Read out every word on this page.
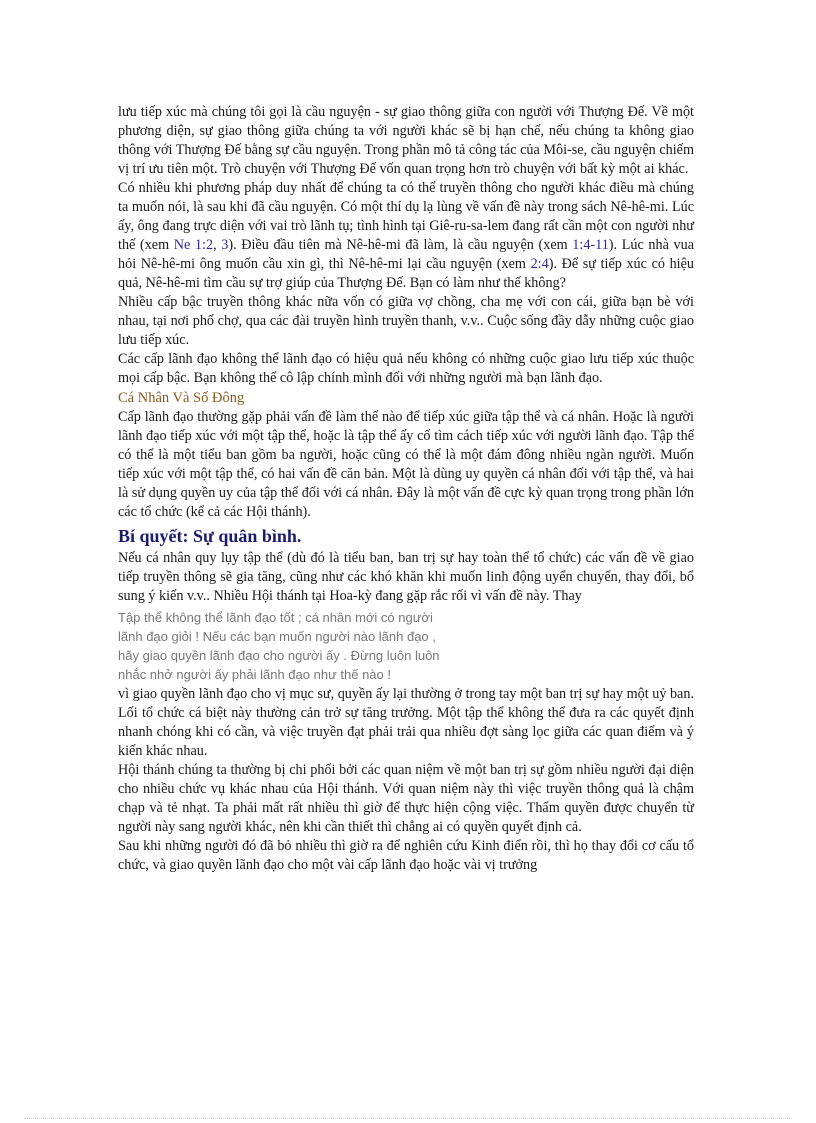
lưu tiếp xúc mà chúng tôi gọi là cầu nguyện - sự giao thông giữa con người với Thượng Đế. Về một phương diện, sự giao thông giữa chúng ta với người khác sẽ bị hạn chế, nếu chúng ta không giao thông với Thượng Đế bằng sự cầu nguyện. Trong phần mô tả công tác của Môi-se, cầu nguyện chiếm vị trí ưu tiên một. Trò chuyện với Thượng Đế vốn quan trọng hơn trò chuyện với bất kỳ một ai khác.

Có nhiều khi phương pháp duy nhất để chúng ta có thể truyền thông cho người khác điều mà chúng ta muốn nói, là sau khi đã cầu nguyện. Có một thí dụ lạ lùng về vấn đề này trong sách Nê-hê-mi. Lúc ấy, ông đang trực diện với vai trò lãnh tụ; tình hình tại Giê-ru-sa-lem đang rất cần một con người như thế (xem Ne 1:2, 3). Điều đầu tiên mà Nê-hê-mi đã làm, là cầu nguyện (xem 1:4-11). Lúc nhà vua hỏi Nê-hê-mi ông muốn cầu xin gì, thì Nê-hê-mi lại cầu nguyện (xem 2:4). Để sự tiếp xúc có hiệu quả, Nê-hê-mi tìm cầu sự trợ giúp của Thượng Đế. Bạn có làm như thế không?

Nhiều cấp bậc truyền thông khác nữa vốn có giữa vợ chồng, cha mẹ với con cái, giữa bạn bè với nhau, tại nơi phố chợ, qua các đài truyền hình truyền thanh, v.v.. Cuộc sống đầy dẫy những cuộc giao lưu tiếp xúc.

Các cấp lãnh đạo không thể lãnh đạo có hiệu quả nếu không có những cuộc giao lưu tiếp xúc thuộc mọi cấp bậc. Bạn không thể cô lập chính mình đối với những người mà bạn lãnh đạo.

Cá Nhân Và Số Đông

Cấp lãnh đạo thường gặp phải vấn đề làm thế nào để tiếp xúc giữa tập thể và cá nhân. Hoặc là người lãnh đạo tiếp xúc với một tập thể, hoặc là tập thể ấy cố tìm cách tiếp xúc với người lãnh đạo. Tập thể có thể là một tiểu ban gồm ba người, hoặc cũng có thể là một đám đông nhiều ngàn người. Muốn tiếp xúc với một tập thể, có hai vấn đề căn bản. Một là dùng uy quyền cá nhân đối với tập thể, và hai là sử dụng quyền uy của tập thể đối với cá nhân. Đây là một vấn đề cực kỳ quan trọng trong phần lớn các tổ chức (kể cả các Hội thánh).

Bí quyết: Sự quân bình.

Nếu cá nhân quy lụy tập thể (dù đó là tiểu ban, ban trị sự hay toàn thể tổ chức) các vấn đề về giao tiếp truyền thông sẽ gia tăng, cũng như các khó khăn khi muốn linh động uyển chuyển, thay đổi, bổ sung ý kiến v.v.. Nhiều Hội thánh tại Hoa-kỳ đang gặp rắc rối vì vấn đề này. Thay

Tập thể không thể lãnh đạo tốt ; cá nhân mới có người
lãnh đạo giỏi ! Nếu các bạn muốn người nào lãnh đạo ,
hãy giao quyền lãnh đạo cho người ấy . Đừng luôn luôn
nhắc nhở người ấy phải lãnh đạo như thế nào !

vì giao quyền lãnh đạo cho vị mục sư, quyền ấy lại thường ở trong tay một ban trị sự hay một uỷ ban. Lối tổ chức cá biệt này thường cản trở sự tăng trưởng. Một tập thể không thể đưa ra các quyết định nhanh chóng khi có cần, và việc truyền đạt phải trải qua nhiều đợt sàng lọc giữa các quan điểm và ý kiến khác nhau.

Hội thánh chúng ta thường bị chi phối bởi các quan niệm về một ban trị sự gồm nhiều người đại diện cho nhiều chức vụ khác nhau của Hội thánh. Với quan niệm này thì việc truyền thông quả là chậm chạp và tẻ nhạt. Ta phải mất rất nhiều thì giờ để thực hiện cộng việc. Thẩm quyền được chuyển từ người này sang người khác, nên khi cần thiết thì chẳng ai có quyền quyết định cả.

Sau khi những người đó đã bỏ nhiều thì giờ ra để nghiên cứu Kinh điển rồi, thì họ thay đổi cơ cấu tổ chức, và giao quyền lãnh đạo cho một vài cấp lãnh đạo hoặc vài vị trưởng
